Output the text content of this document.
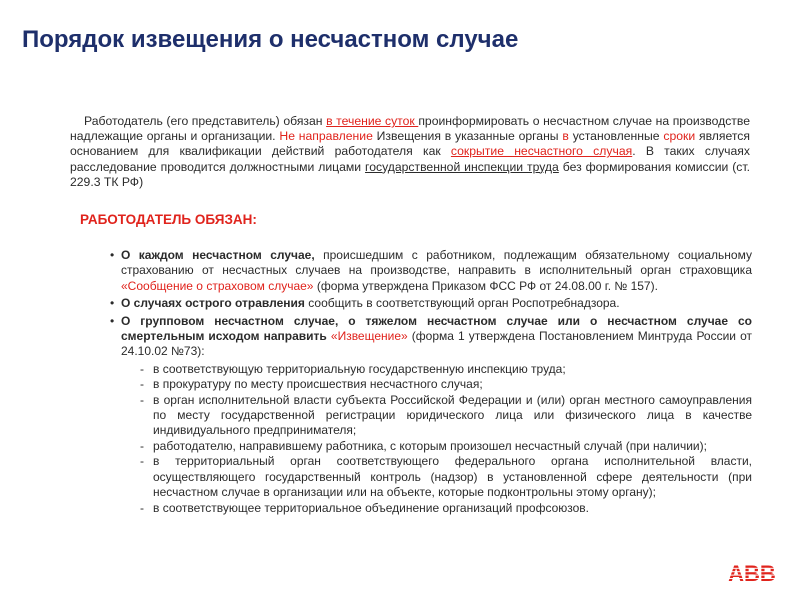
Порядок извещения о несчастном случае
Работодатель (его представитель) обязан в течение суток проинформировать о несчастном случае на производстве надлежащие органы и организации. Не направление Извещения в указанные органы в установленные сроки является основанием для квалификации действий работодателя как сокрытие несчастного случая. В таких случаях расследование проводится должностными лицами государственной инспекции труда без формирования комиссии (ст. 229.3 ТК РФ)
РАБОТОДАТЕЛЬ ОБЯЗАН:
• О каждом несчастном случае, происшедшим с работником, подлежащим обязательному социальному страхованию от несчастных случаев на производстве, направить в исполнительный орган страховщика «Сообщение о страховом случае» (форма утверждена Приказом ФСС РФ от 24.08.00 г. № 157).
• О случаях острого отравления сообщить в соответствующий орган Роспотребнадзора.
• О групповом несчастном случае, о тяжелом несчастном случае или о несчастном случае со смертельным исходом направить «Извещение» (форма 1 утверждена Постановлением Минтруда России от 24.10.02 №73):
- в соответствующую территориальную государственную инспекцию труда;
- в прокуратуру по месту происшествия несчастного случая;
- в орган исполнительной власти субъекта Российской Федерации и (или) орган местного самоуправления по месту государственной регистрации юридического лица или физического лица в качестве индивидуального предпринимателя;
- работодателю, направившему работника, с которым произошел несчастный случай (при наличии);
- в территориальный орган соответствующего федерального органа исполнительной власти, осуществляющего государственный контроль (надзор) в установленной сфере деятельности (при несчастном случае в организации или на объекте, которые подконтрольны этому органу);
- в соответствующее территориальное объединение организаций профсоюзов.
ABB
